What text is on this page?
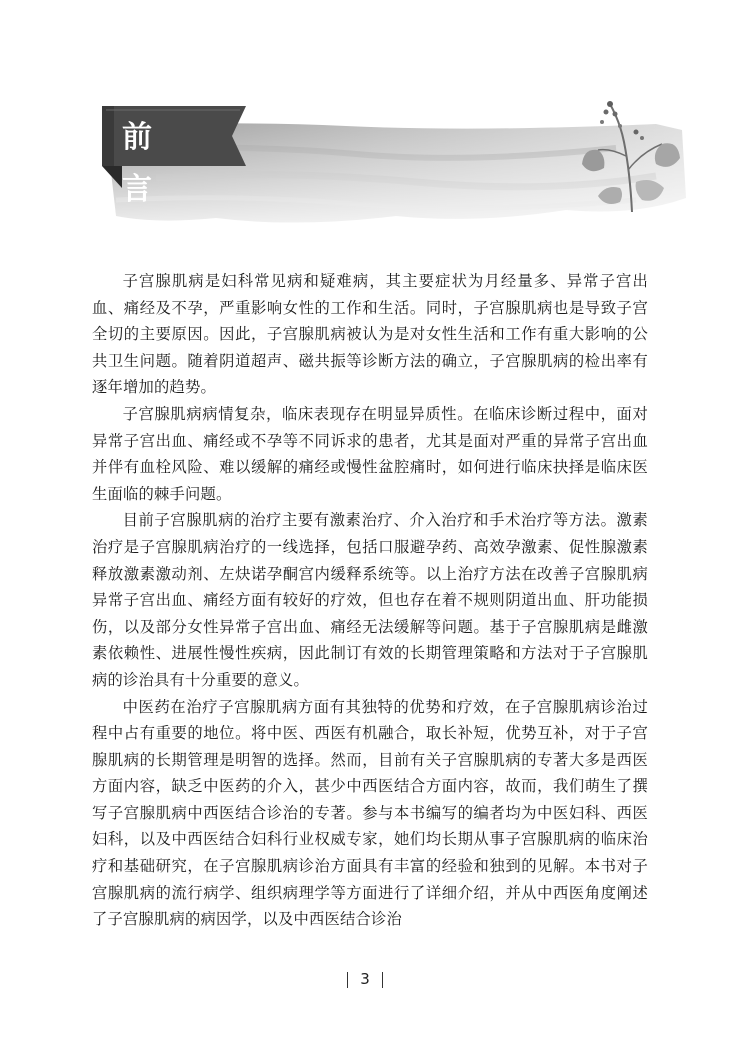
前 言

子宫腺肌病是妇科常见病和疑难病，其主要症状为月经量多、异常子宫出血、痛经及不孕，严重影响女性的工作和生活。同时，子宫腺肌病也是导致子宫全切的主要原因。因此，子宫腺肌病被认为是对女性生活和工作有重大影响的公共卫生问题。随着阴道超声、磁共振等诊断方法的确立，子宫腺肌病的检出率有逐年增加的趋势。

子宫腺肌病病情复杂，临床表现存在明显异质性。在临床诊断过程中，面对异常子宫出血、痛经或不孕等不同诉求的患者，尤其是面对严重的异常子宫出血并伴有血栓风险、难以缓解的痛经或慢性盆腔痛时，如何进行临床抉择是临床医生面临的棘手问题。

目前子宫腺肌病的治疗主要有激素治疗、介入治疗和手术治疗等方法。激素治疗是子宫腺肌病治疗的一线选择，包括口服避孕药、高效孕激素、促性腺激素释放激素激动剂、左炔诺孕酮宫内缓释系统等。以上治疗方法在改善子宫腺肌病异常子宫出血、痛经方面有较好的疗效，但也存在着不规则阴道出血、肝功能损伤，以及部分女性异常子宫出血、痛经无法缓解等问题。基于子宫腺肌病是雌激素依赖性、进展性慢性疾病，因此制订有效的长期管理策略和方法对于子宫腺肌病的诊治具有十分重要的意义。

中医药在治疗子宫腺肌病方面有其独特的优势和疗效，在子宫腺肌病诊治过程中占有重要的地位。将中医、西医有机融合，取长补短，优势互补，对于子宫腺肌病的长期管理是明智的选择。然而，目前有关子宫腺肌病的专著大多是西医方面内容，缺乏中医药的介入，甚少中西医结合方面内容，故而，我们萌生了撰写子宫腺肌病中西医结合诊治的专著。参与本书编写的编者均为中医妇科、西医妇科，以及中西医结合妇科行业权威专家，她们均长期从事子宫腺肌病的临床治疗和基础研究，在子宫腺肌病诊治方面具有丰富的经验和独到的见解。本书对子宫腺肌病的流行病学、组织病理学等方面进行了详细介绍，并从中西医角度阐述了子宫腺肌病的病因学，以及中西医结合诊治

3
